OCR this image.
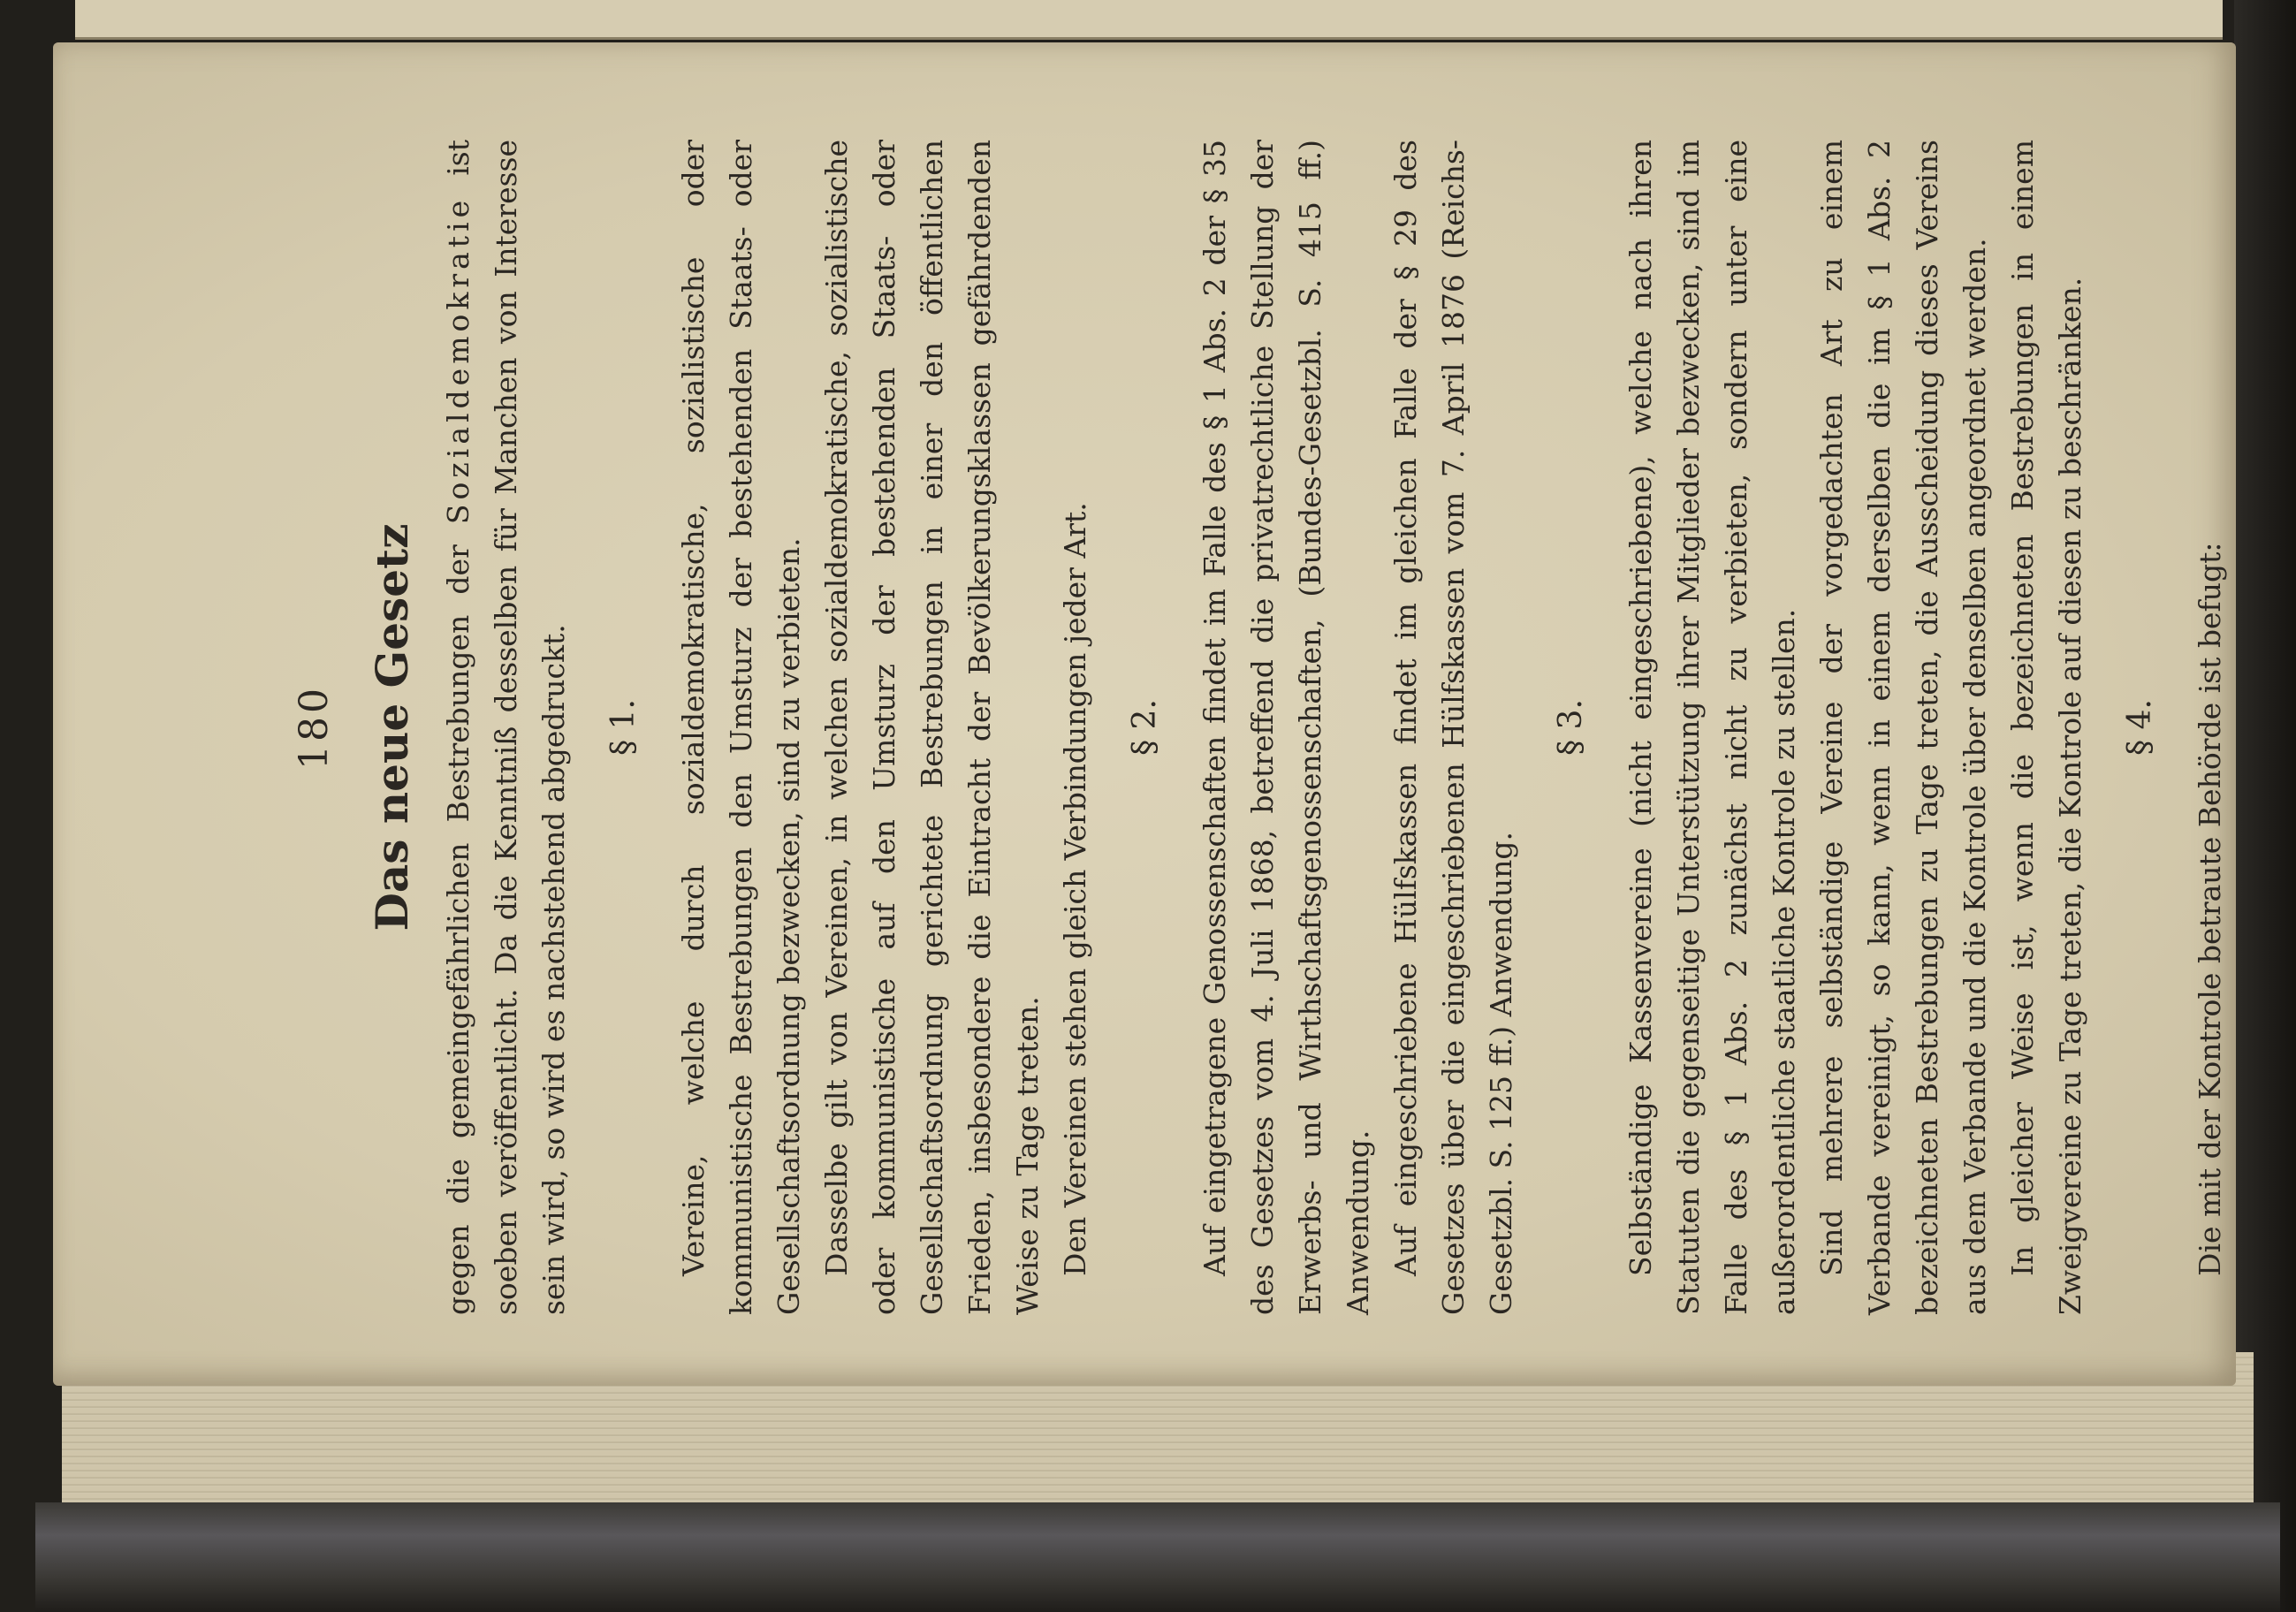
180 Das neue Gesetz gegen die gemeingefährlichen Bestrebungen der Sozialdemokratie ist soeben veröffentlicht. Da die Kenntniß desselben für Manchen von Interesse sein wird, so wird es nachstehend abgedruckt.	§ 1.	Vereine, welche durch sozialdemokratische, sozialistische oder kommunistische Bestrebungen den Umsturz der bestehenden Staats- oder Gesellschaftsordnung bezwecken, sind zu verbieten. Dasselbe gilt von Vereinen, in welchen sozialdemokratische, sozialistische oder kommunistische auf den Umsturz der bestehenden Staats- oder Gesellschaftsordnung gerichtete Bestrebungen in einer den öffentlichen Frieden, insbesondere die Eintracht der Bevölkerungsklassen gefährdenden Weise zu Tage treten. Den Vereinen stehen gleich Verbindungen jeder Art.	§ 2.	Auf eingetragene Genossenschaften findet im Falle des § 1 Abs. 2 der § 35 des Gesetzes vom 4. Juli 1868, betreffend die privatrechtliche Stellung der Erwerbs- und Wirthschaftsgenossenschaften, (Bundes-Gesetzbl. S. 415 ff.) Anwendung. Auf eingeschriebene Hülfskassen findet im gleichen Falle der § 29 des Gesetzes über die eingeschriebenen Hülfskassen vom 7. April 1876 (Reichs-Gesetzbl. S. 125 ff.) Anwendung.

§ 3.	Selbständige Kassenvereine (nicht eingeschriebene), welche nach ihren Statuten die gegenseitige Unterstützung ihrer Mitglieder bezwecken, sind im Falle des § 1 Abs. 2 zunächst nicht zu verbieten, sondern unter eine außerordentliche staatliche Kontrole zu stellen. Sind mehrere selbständige Vereine der vorgedachten Art zu einem Verbande vereinigt, so kann, wenn in einem derselben die im § 1 Abs. 2 bezeichneten Bestrebungen zu Tage treten, die Ausscheidung dieses Vereins aus dem Verbande und die Kontrole über denselben angeordnet werden. In gleicher Weise ist, wenn die bezeichneten Bestrebungen in einem Zweigvereine zu Tage treten, die Kontrole auf diesen zu beschränken.	§ 4.	Die mit der Kontrole betraute Behörde ist befugt:
